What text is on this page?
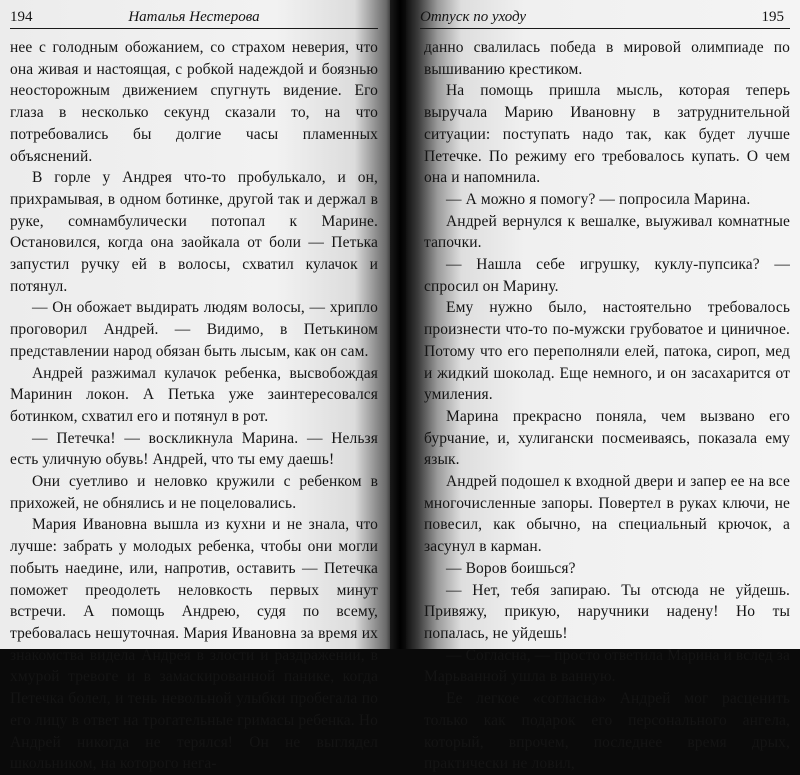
194	Наталья Нестерова

нее с голодным обожанием, со страхом неверия, что она живая и настоящая, с робкой надеждой и боязнью неосторожным движением спугнуть видение. Его глаза в несколько секунд сказали то, на что потребовались бы долгие часы пламенных объяснений.

В горле у Андрея что-то пробулькало, и он, прихрамывая, в одном ботинке, другой так и держал в руке, сомнамбулически потопал к Марине. Остановился, когда она заойкала от боли — Петька запустил ручку ей в волосы, схватил кулачок и потянул.

— Он обожает выдирать людям волосы, — хрипло проговорил Андрей. — Видимо, в Петькином представлении народ обязан быть лысым, как он сам.

Андрей разжимал кулачок ребенка, высвобождая Маринин локон. А Петька уже заинтересовался ботинком, схватил его и потянул в рот.

— Петечка! — воскликнула Марина. — Нельзя есть уличную обувь! Андрей, что ты ему даешь!

Они суетливо и неловко кружили с ребенком в прихожей, не обнялись и не поцеловались.

Мария Ивановна вышла из кухни и не знала, что лучше: забрать у молодых ребенка, чтобы они могли побыть наедине, или, напротив, оставить — Петечка поможет преодолеть неловкость первых минут встречи. А помощь Андрею, судя по всему, требовалась нешуточная. Мария Ивановна за время их знакомства видела Андрея в злости и раздражении, в хмурой тревоге и в замаскированной панике, когда Петечка болел, и тень невольной улыбки пробегала по его лицу в ответ на трогательные гримасы ребенка. Но Андрей никогда не терялся! Он не выглядел школьником, на которого нега-

Отпуск по уходу	195

данно свалилась победа в мировой олимпиаде по вышиванию крестиком.

На помощь пришла мысль, которая теперь выручала Марию Ивановну в затруднительной ситуации: поступать надо так, как будет лучше Петечке. По режиму его требовалось купать. О чем она и напомнила.

— А можно я помогу? — попросила Марина.

Андрей вернулся к вешалке, выуживал комнатные тапочки.

— Нашла себе игрушку, куклу-пупсика? — спросил он Марину.

Ему нужно было, настоятельно требовалось произнести что-то по-мужски грубоватое и циничное. Потому что его переполняли елей, патока, сироп, мед и жидкий шоколад. Еще немного, и он засахарится от умиления.

Марина прекрасно поняла, чем вызвано его бурчание, и, хулигански посмеиваясь, показала ему язык.

Андрей подошел к входной двери и запер ее на все многочисленные запоры. Повертел в руках ключи, не повесил, как обычно, на специальный крючок, а засунул в карман.

— Воров боишься?

— Нет, тебя запираю. Ты отсюда не уйдешь. Привяжу, прикую, наручники надену! Но ты попалась, не уйдешь!

— Согласна, — просто ответила Марина и вслед за Марьванной ушла в ванную.

Ее легкое «согласна» Андрей мог расценить только как подарок его персонального ангела, который, впрочем, последнее время дрых, практически не ловил,
